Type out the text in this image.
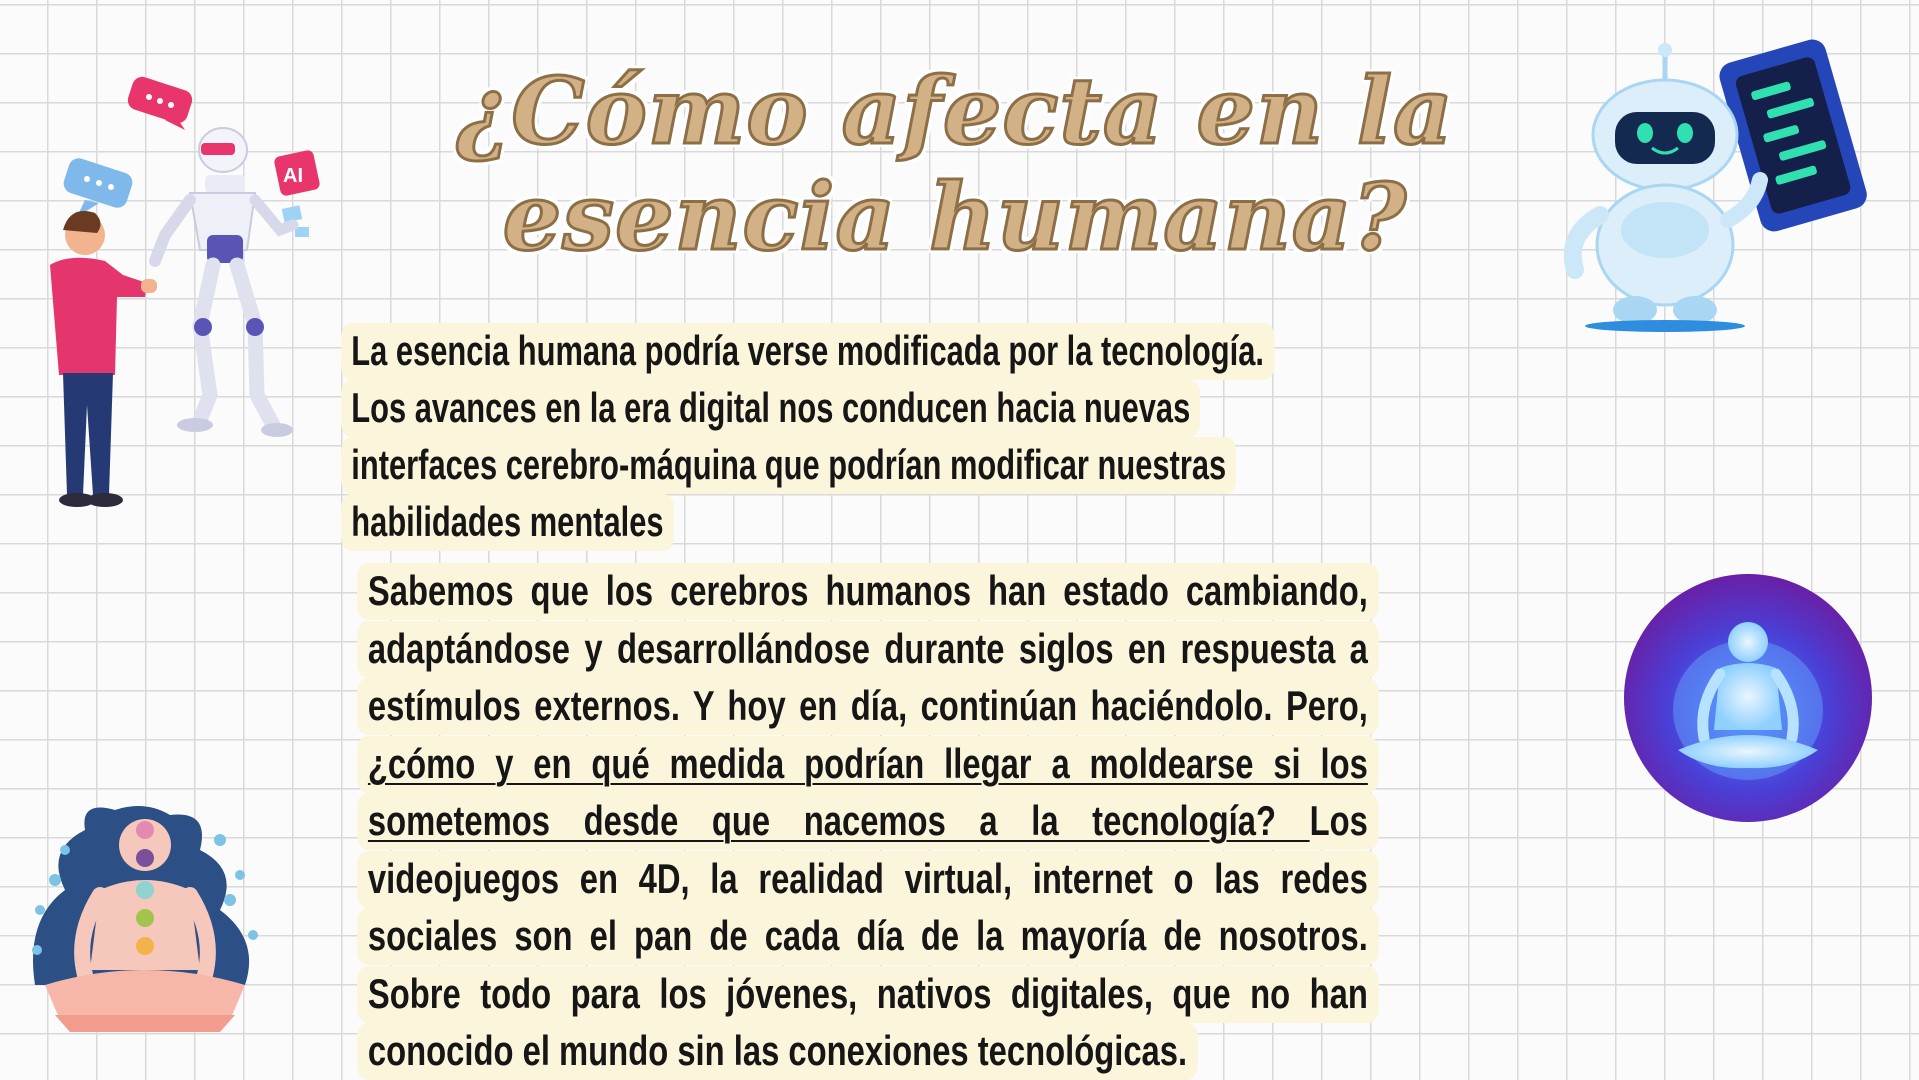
¿Cómo afecta en la esencia humana?

La esencia humana podría verse modificada por la tecnología. Los avances en la era digital nos conducen hacia nuevas interfaces cerebro-máquina que podrían modificar nuestras habilidades mentales

Sabemos que los cerebros humanos han estado cambiando, adaptándose y desarrollándose durante siglos en respuesta a estímulos externos. Y hoy en día, continúan haciéndolo. Pero, ¿cómo y en qué medida podrían llegar a moldearse si los sometemos desde que nacemos a la tecnología? Los videojuegos en 4D, la realidad virtual, internet o las redes sociales son el pan de cada día de la mayoría de nosotros. Sobre todo para los jóvenes, nativos digitales, que no han conocido el mundo sin las conexiones tecnológicas.

AI
